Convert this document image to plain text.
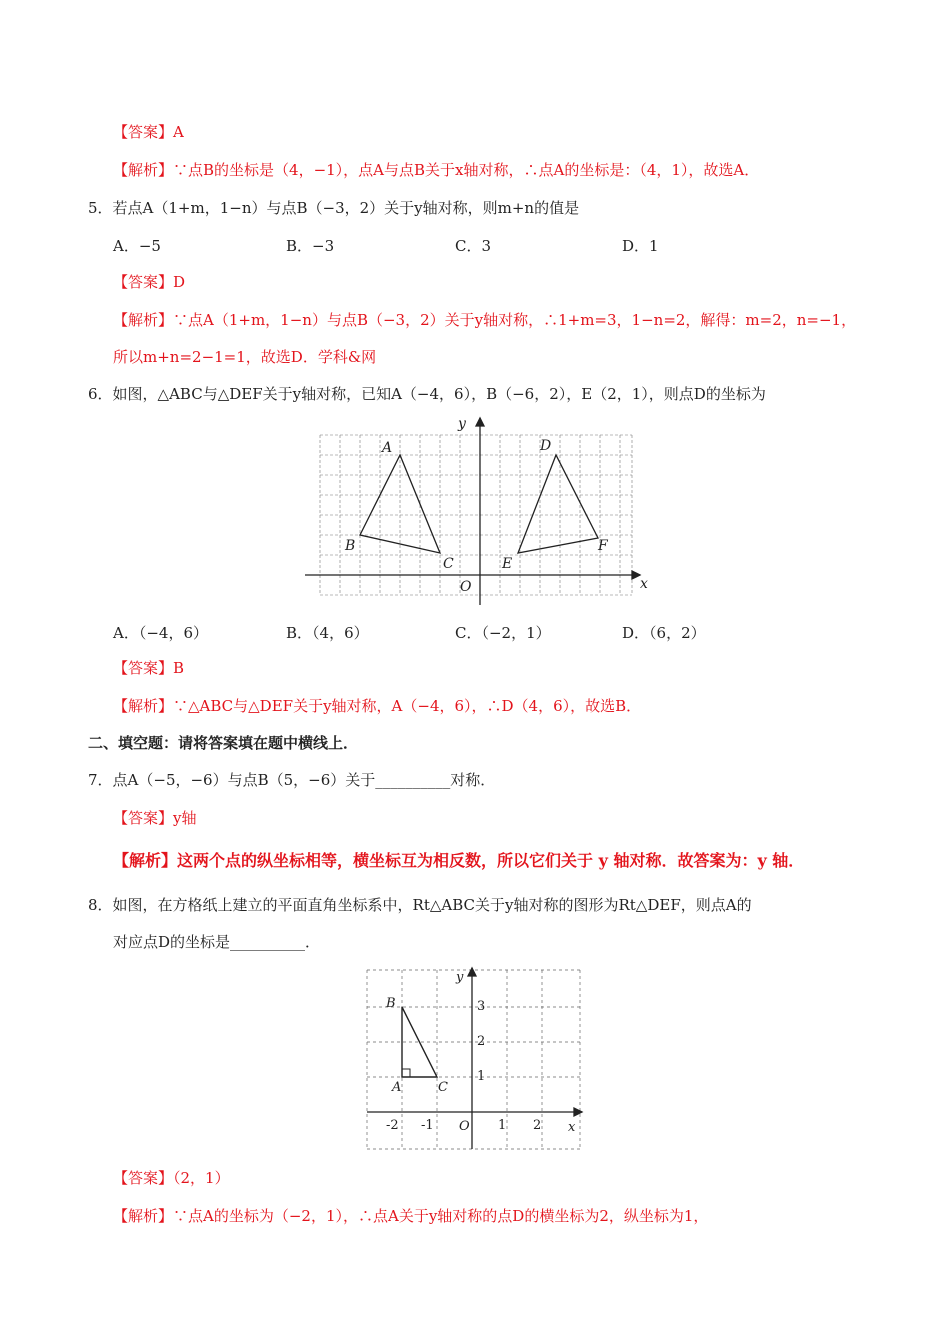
【答案】A
【解析】∵点B的坐标是（4，−1），点A与点B关于x轴对称，∴点A的坐标是：（4，1），故选A．
5．若点A（1+m，1−n）与点B（−3，2）关于y轴对称，则m+n的值是
A．−5	B．−3	C．3	D．1
【答案】D
【解析】∵点A（1+m，1−n）与点B（−3，2）关于y轴对称，∴1+m=3，1−n=2，解得：m=2，n=−1，
所以m+n=2−1=1，故选D．学科&网
6．如图，△ABC与△DEF关于y轴对称，已知A（−4，6），B（−6，2），E（2，1），则点D的坐标为
x
y
O
A
B
C
D
E
F
A．（−4，6）	B．（4，6）	C．（−2，1）	D．（6，2）
【答案】B
【解析】∵△ABC与△DEF关于y轴对称，A（−4，6），∴D（4，6），故选B．
二、填空题：请将答案填在题中横线上．
7．点A（−5，−6）与点B（5，−6）关于__________对称．
【答案】y轴
【解析】这两个点的纵坐标相等，横坐标互为相反数，所以它们关于 y 轴对称．故答案为：y 轴．
8．如图，在方格纸上建立的平面直角坐标系中，Rt△ABC关于y轴对称的图形为Rt△DEF，则点A的
对应点D的坐标是__________．
B
A	C
y
x
O
3
2
1
-2 -1	1 2
【答案】（2，1）
【解析】∵点A的坐标为（−2，1），∴点A关于y轴对称的点D的横坐标为2，纵坐标为1，
